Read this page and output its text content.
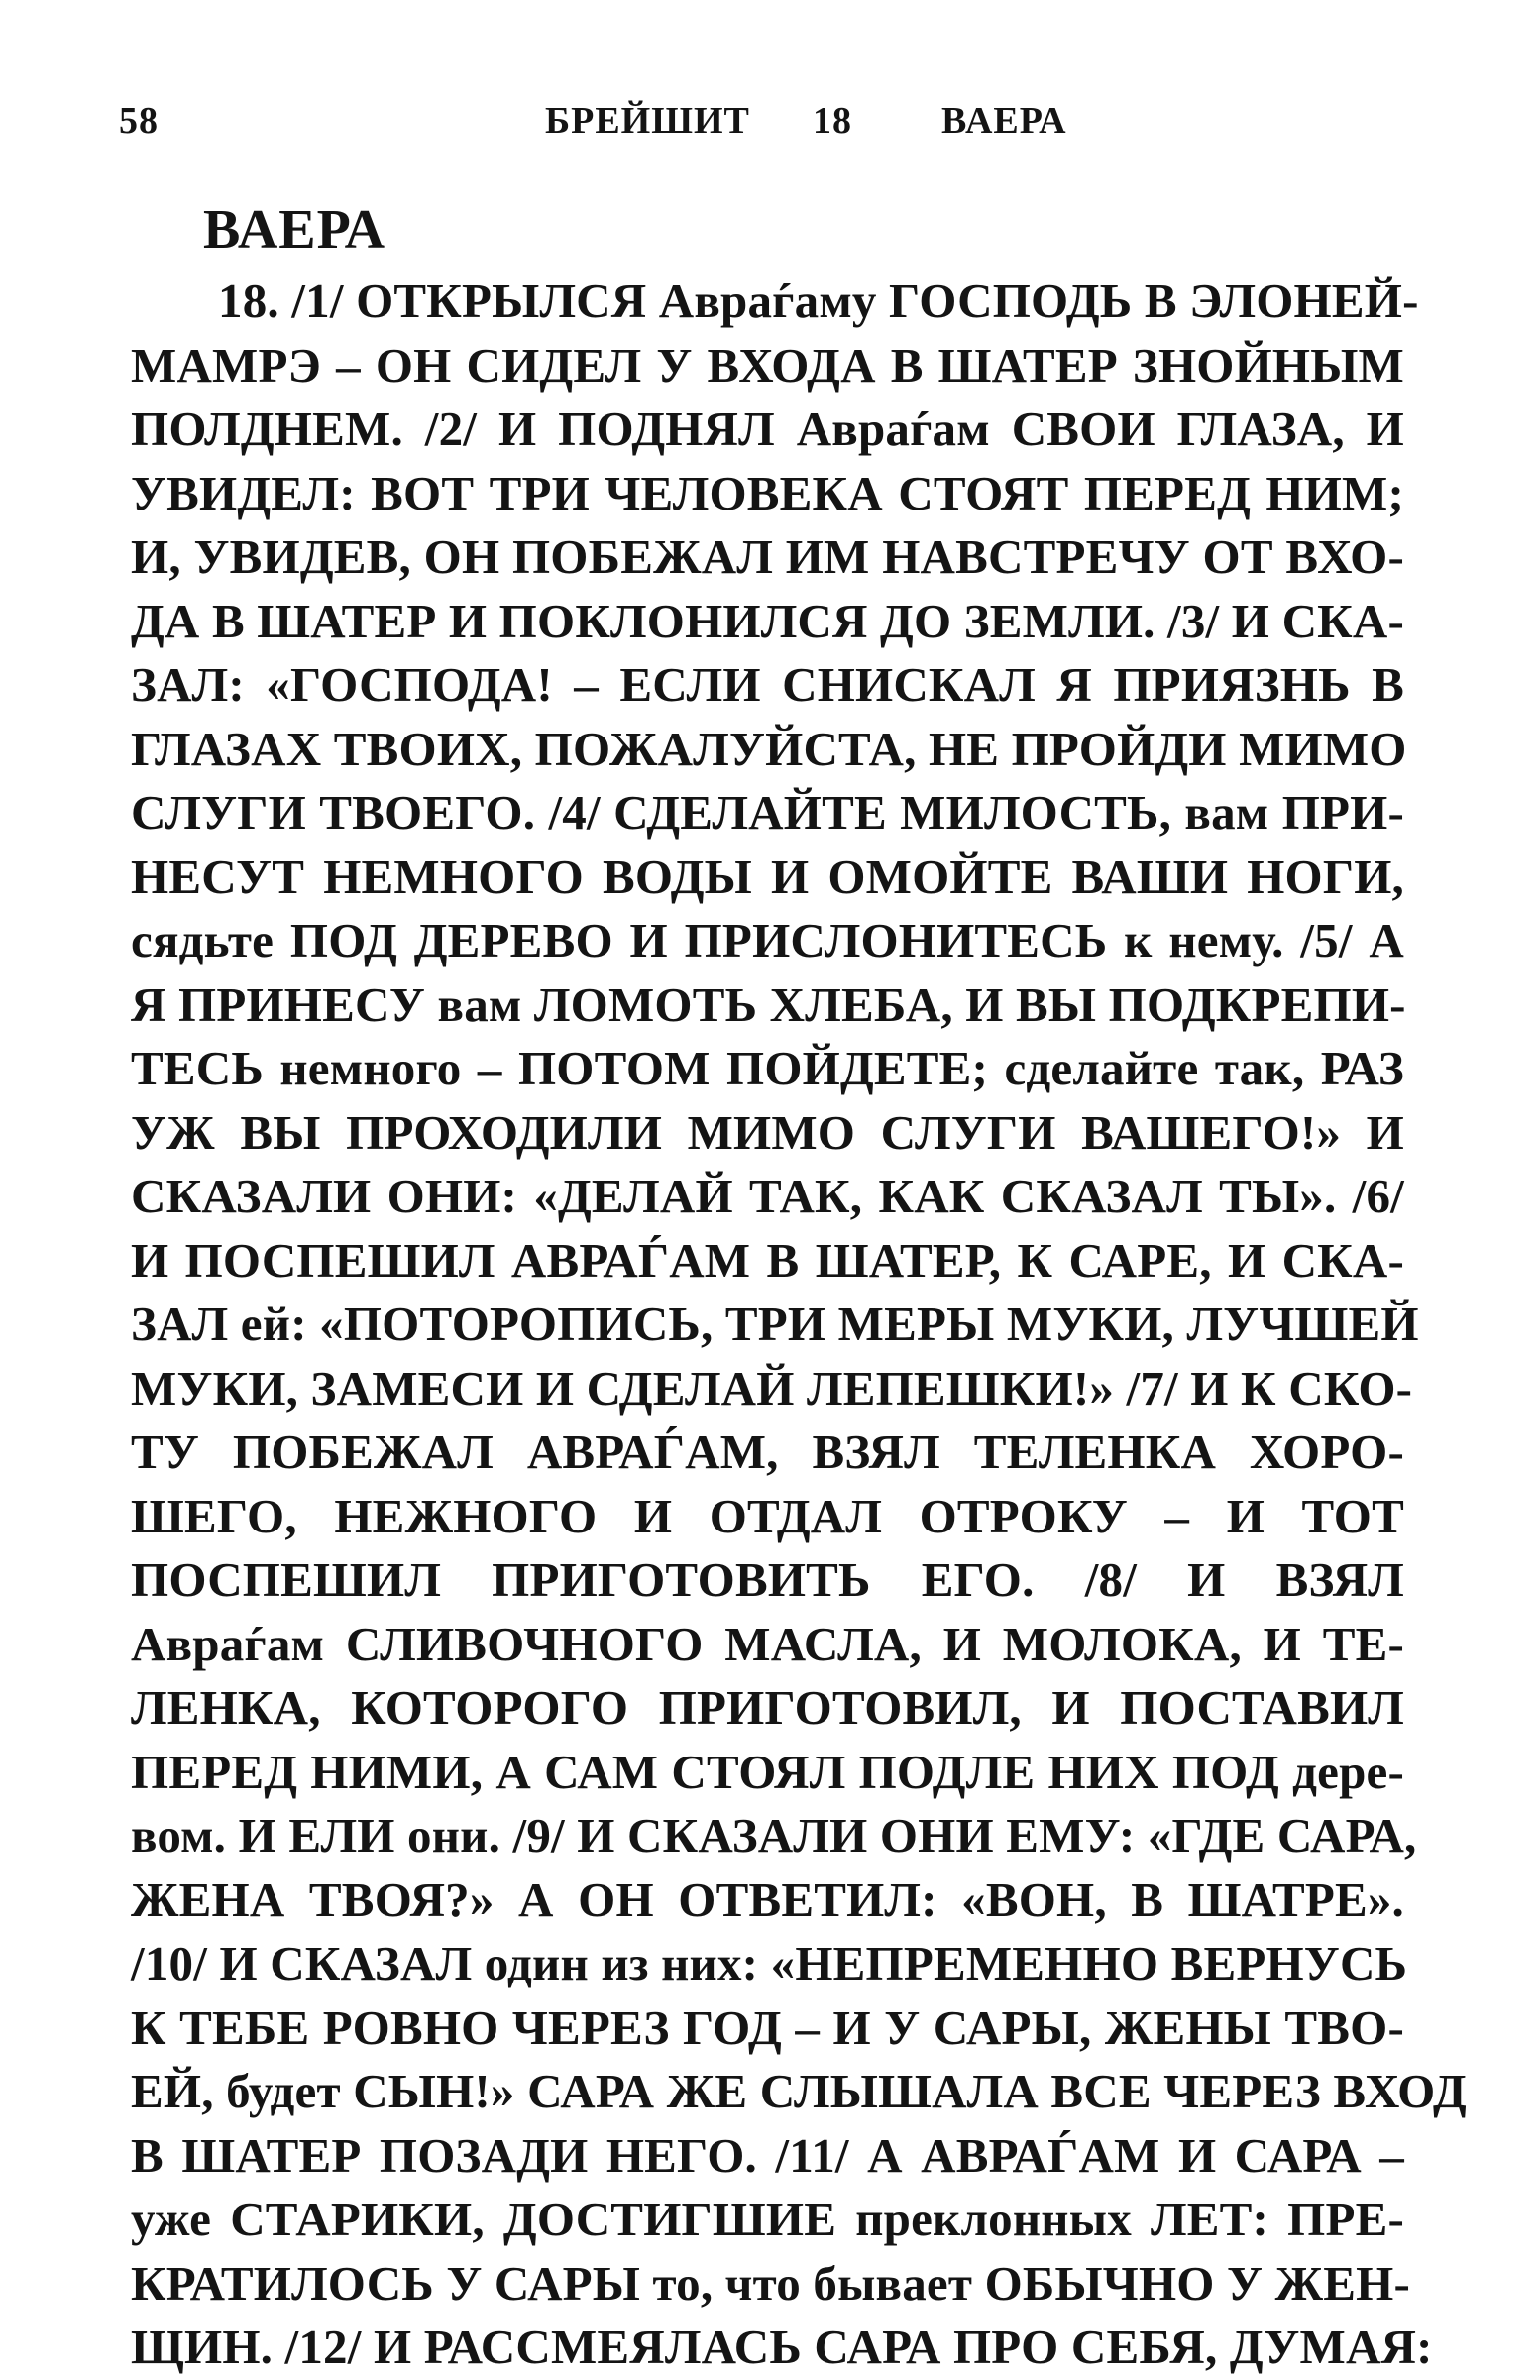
58	БРЕЙШИТ 18 ВАЕРА
ВАЕРА
18. /1/ ОТКРЫЛСЯ Авраѓаму ГОСПОДЬ В ЭЛОНЕЙ-
МАМРЭ – ОН СИДЕЛ У ВХОДА В ШАТЕР ЗНОЙНЫМ
ПОЛДНЕМ. /2/ И ПОДНЯЛ Авраѓам СВОИ ГЛАЗА, И
УВИДЕЛ: ВОТ ТРИ ЧЕЛОВЕКА СТОЯТ ПЕРЕД НИМ;
И, УВИДЕВ, ОН ПОБЕЖАЛ ИМ НАВСТРЕЧУ ОТ ВХО-
ДА В ШАТЕР И ПОКЛОНИЛСЯ ДО ЗЕМЛИ. /3/ И СКА-
ЗАЛ: «ГОСПОДА! – ЕСЛИ СНИСКАЛ Я ПРИЯЗНЬ В
ГЛАЗАХ ТВОИХ, ПОЖАЛУЙСТА, НЕ ПРОЙДИ МИМО
СЛУГИ ТВОЕГО. /4/ СДЕЛАЙТЕ МИЛОСТЬ, вам ПРИ-
НЕСУТ НЕМНОГО ВОДЫ И ОМОЙТЕ ВАШИ НОГИ,
сядьте ПОД ДЕРЕВО И ПРИСЛОНИТЕСЬ к нему. /5/ А
Я ПРИНЕСУ вам ЛОМОТЬ ХЛЕБА, И ВЫ ПОДКРЕПИ-
ТЕСЬ немного – ПОТОМ ПОЙДЕТЕ; сделайте так, РАЗ
УЖ ВЫ ПРОХОДИЛИ МИМО СЛУГИ ВАШЕГО!» И
СКАЗАЛИ ОНИ: «ДЕЛАЙ ТАК, КАК СКАЗАЛ ТЫ». /6/
И ПОСПЕШИЛ АВРАЃАМ В ШАТЕР, К САРЕ, И СКА-
ЗАЛ ей: «ПОТОРОПИСЬ, ТРИ МЕРЫ МУКИ, ЛУЧШЕЙ
МУКИ, ЗАМЕСИ И СДЕЛАЙ ЛЕПЕШКИ!» /7/ И К СКО-
ТУ ПОБЕЖАЛ АВРАЃАМ, ВЗЯЛ ТЕЛЕНКА ХОРО-
ШЕГО, НЕЖНОГО И ОТДАЛ ОТРОКУ – И ТОТ
ПОСПЕШИЛ ПРИГОТОВИТЬ ЕГО. /8/ И ВЗЯЛ
Авраѓам СЛИВОЧНОГО МАСЛА, И МОЛОКА, И ТЕ-
ЛЕНКА, КОТОРОГО ПРИГОТОВИЛ, И ПОСТАВИЛ
ПЕРЕД НИМИ, А САМ СТОЯЛ ПОДЛЕ НИХ ПОД дере-
вом. И ЕЛИ они. /9/ И СКАЗАЛИ ОНИ ЕМУ: «ГДЕ САРА,
ЖЕНА ТВОЯ?» А ОН ОТВЕТИЛ: «ВОН, В ШАТРЕ».
/10/ И СКАЗАЛ один из них: «НЕПРЕМЕННО ВЕРНУСЬ
К ТЕБЕ РОВНО ЧЕРЕЗ ГОД – И У САРЫ, ЖЕНЫ ТВО-
ЕЙ, будет СЫН!» САРА ЖЕ СЛЫШАЛА ВСЕ ЧЕРЕЗ ВХОД
В ШАТЕР ПОЗАДИ НЕГО. /11/ А АВРАЃАМ И САРА –
уже СТАРИКИ, ДОСТИГШИЕ преклонных ЛЕТ: ПРЕ-
КРАТИЛОСЬ У САРЫ то, что бывает ОБЫЧНО У ЖЕН-
ЩИН. /12/ И РАССМЕЯЛАСЬ САРА ПРО СЕБЯ, ДУМАЯ:
